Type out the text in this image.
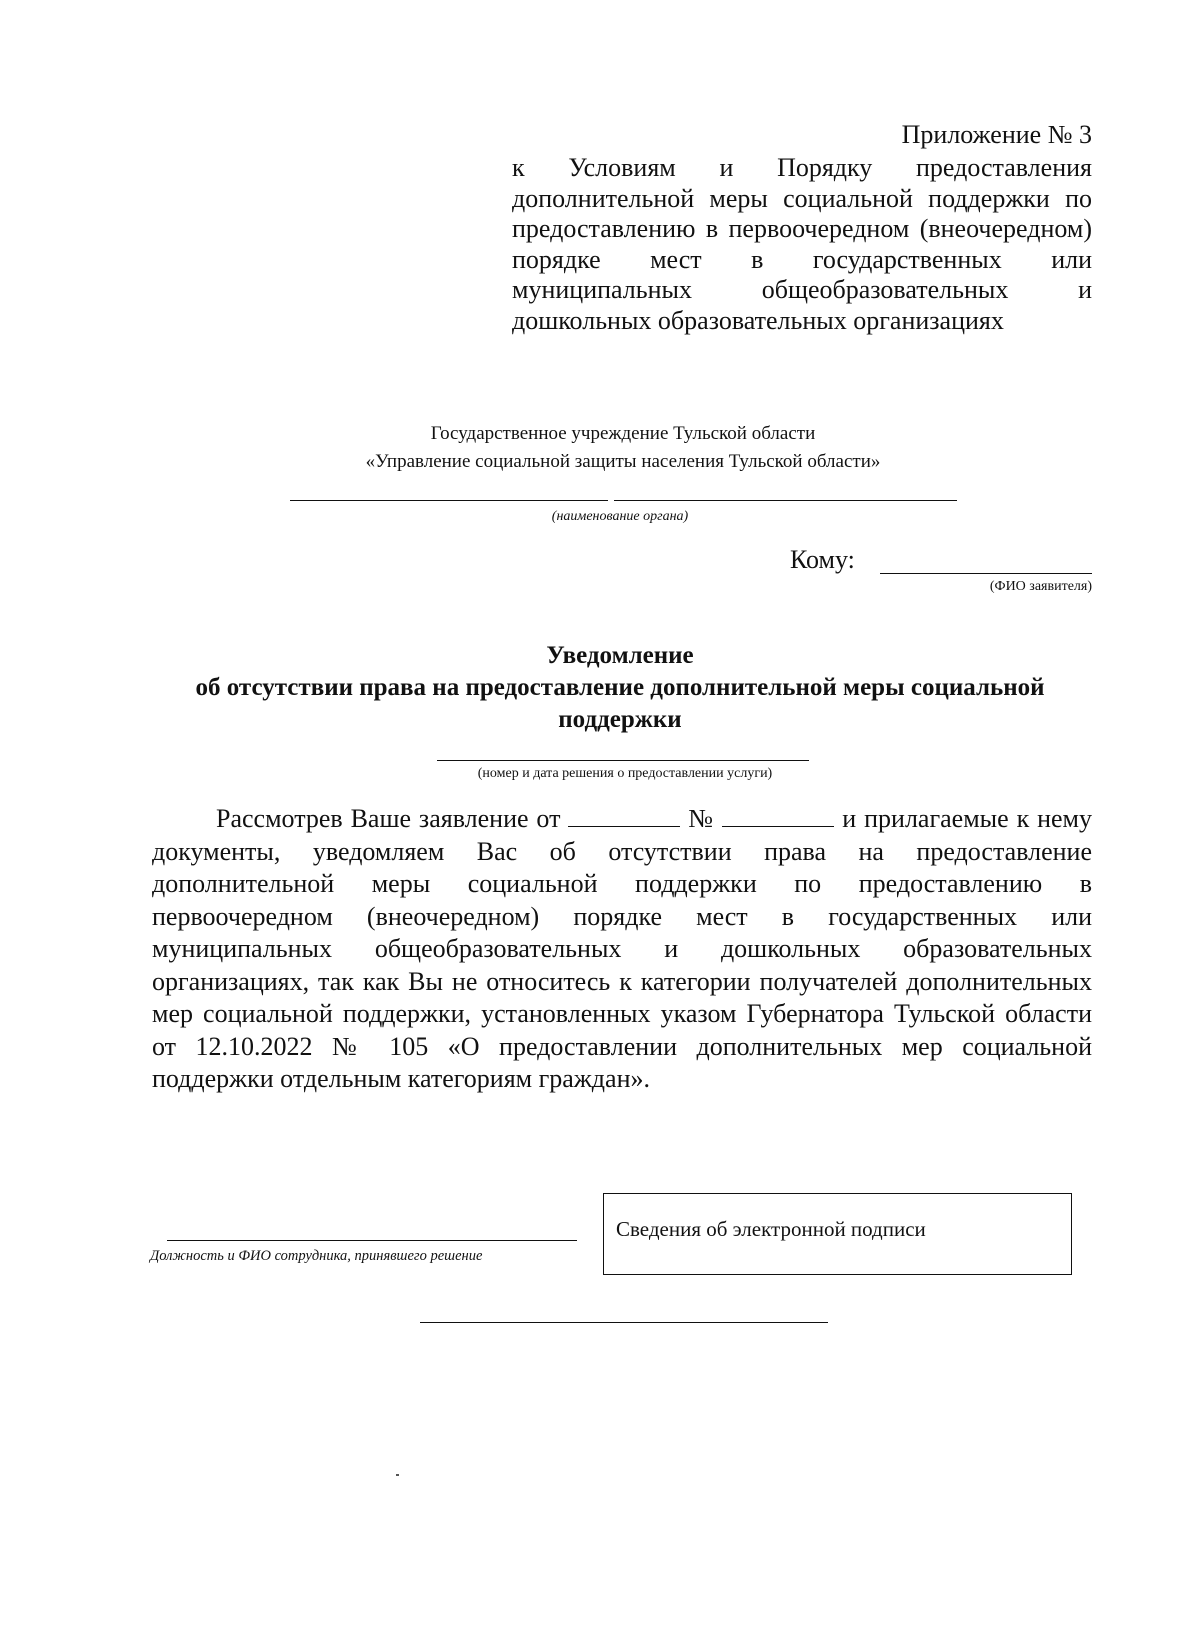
Приложение № 3

к Условиям и Порядку предоставления дополнительной меры социальной поддержки по предоставлению в первоочередном (внеочередном) порядке мест в государственных или муниципальных общеобразовательных и дошкольных образовательных организациях

Государственное учреждение Тульской области
«Управление социальной защиты населения Тульской области»
(наименование органа)
Кому:
(ФИО заявителя)
Уведомление
об отсутствии права на предоставление дополнительной меры социальной поддержки
(номер и дата решения о предоставлении услуги)

Рассмотрев Ваше заявление от	№	и прилагаемые к нему документы, уведомляем Вас об отсутствии права на предоставление дополнительной меры социальной поддержки по предоставлению в первоочередном (внеочередном) порядке мест в государственных или муниципальных общеобразовательных и дошкольных образовательных организациях, так как Вы не относитесь к категории получателей дополнительных мер социальной поддержки, установленных указом Губернатора Тульской области от 12.10.2022 № 105 «О предоставлении дополнительных мер социальной поддержки отдельным категориям граждан».

Должность и ФИО сотрудника, принявшего решение
Сведения об электронной подписи
